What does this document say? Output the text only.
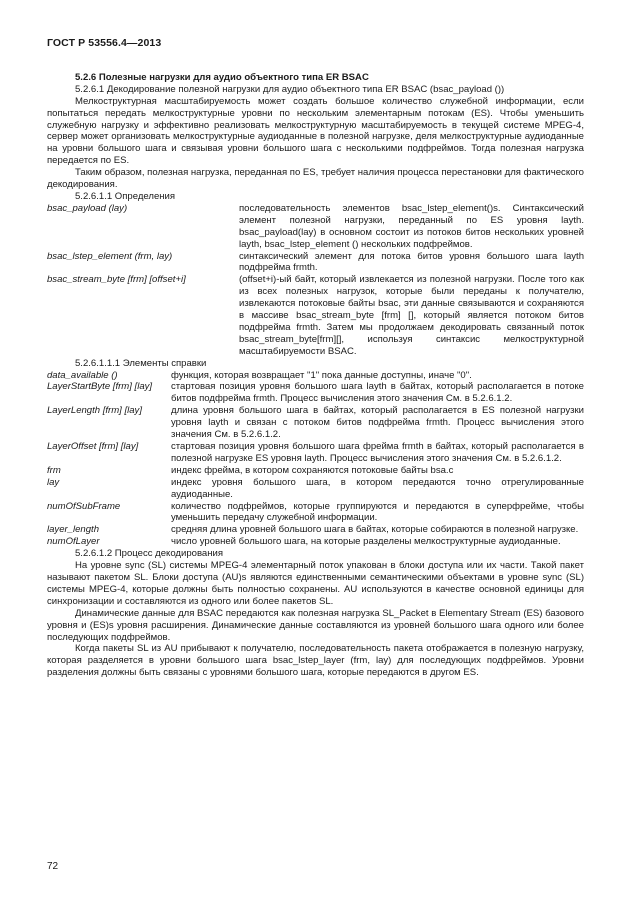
ГОСТ Р 53556.4—2013
5.2.6 Полезные нагрузки для аудио объектного типа ER BSAC
5.2.6.1 Декодирование полезной нагрузки для аудио объектного типа ER BSAC (bsac_payload ())

Мелкоструктурная масштабируемость может создать большое количество служебной информации, если попытаться передать мелкоструктурные уровни по нескольким элементарным потокам (ES). Чтобы уменьшить служебную нагрузку и эффективно реализовать мелкоструктурную масштабируемость в текущей системе MPEG-4, сервер может организовать мелкоструктурные аудиоданные в полезной нагрузке, деля мелкоструктурные аудиоданные на уровни большого шага и связывая уровни большого шага с несколькими подфреймов. Тогда полезная нагрузка передается по ES.

Таким образом, полезная нагрузка, переданная по ES, требует наличия процесса перестановки для фактического декодирования.

5.2.6.1.1 Определения
bsac_payload (lay)	последовательность элементов bsac_lstep_element()s. Синтаксический элемент полезной нагрузки, переданный по ES уровня layth. bsac_payload(lay) в основном состоит из потоков битов нескольких уровней layth, bsac_lstep_element () нескольких подфреймов.
bsac_lstep_element (frm, lay)	синтаксический элемент для потока битов уровня большого шага layth подфрейма frmth.
bsac_stream_byte [frm] [offset+i]	(offset+i)-ый байт, который извлекается из полезной нагрузки. После того как из всех полезных нагрузок, которые были переданы к получателю, извлекаются потоковые байты bsac, эти данные связываются и сохраняются в массиве bsac_stream_byte [frm] [], который является потоком битов подфрейма frmth. Затем мы продолжаем декодировать связанный поток bsac_stream_byte[frm][], используя синтаксис мелкоструктурной масштабируемости BSAC.
5.2.6.1.1.1 Элементы справки
data_available ()	функция, которая возвращает "1" пока данные доступны, иначе "0".
LayerStartByte [frm] [lay]	стартовая позиция уровня большого шага layth в байтах, который располагается в потоке битов подфрейма frmth. Процесс вычисления этого значения См. в 5.2.6.1.2.
LayerLength [frm] [lay]	длина уровня большого шага в байтах, который располагается в ES полезной нагрузки уровня layth и связан с потоком битов подфрейма frmth. Процесс вычисления этого значения См. в 5.2.6.1.2.
LayerOffset [frm] [lay]	стартовая позиция уровня большого шага фрейма frmth в байтах, который располагается в полезной нагрузке ES уровня layth. Процесс вычисления этого значения См. в 5.2.6.1.2.
frm	индекс фрейма, в котором сохраняются потоковые байты bsa.c
lay	индекс уровня большого шага, в котором передаются точно отрегулированные аудиоданные.
numOfSubFrame	количество подфреймов, которые группируются и передаются в суперфрейме, чтобы уменьшить передачу служебной информации.
layer_length	средняя длина уровней большого шага в байтах, которые собираются в полезной нагрузке.
numOfLayer	число уровней большого шага, на которые разделены мелкоструктурные аудиоданные.
5.2.6.1.2 Процесс декодирования

На уровне sync (SL) системы MPEG-4 элементарный поток упакован в блоки доступа или их части. Такой пакет называют пакетом SL. Блоки доступа (AU)s являются единственными семантическими объектами в уровне sync (SL) системы MPEG-4, которые должны быть полностью сохранены. AU используются в качестве основной единицы для синхронизации и составляются из одного или более пакетов SL.

Динамические данные для BSAC передаются как полезная нагрузка SL_Packet в Elementary Stream (ES) базового уровня и (ES)s уровня расширения. Динамические данные составляются из уровней большого шага одного или более последующих подфреймов.

Когда пакеты SL из AU прибывают к получателю, последовательность пакета отображается в полезную нагрузку, которая разделяется в уровни большого шага bsac_lstep_layer (frm, lay) для последующих подфреймов. Уровни разделения должны быть связаны с уровнями большого шага, которые передаются в другом ES.

72
